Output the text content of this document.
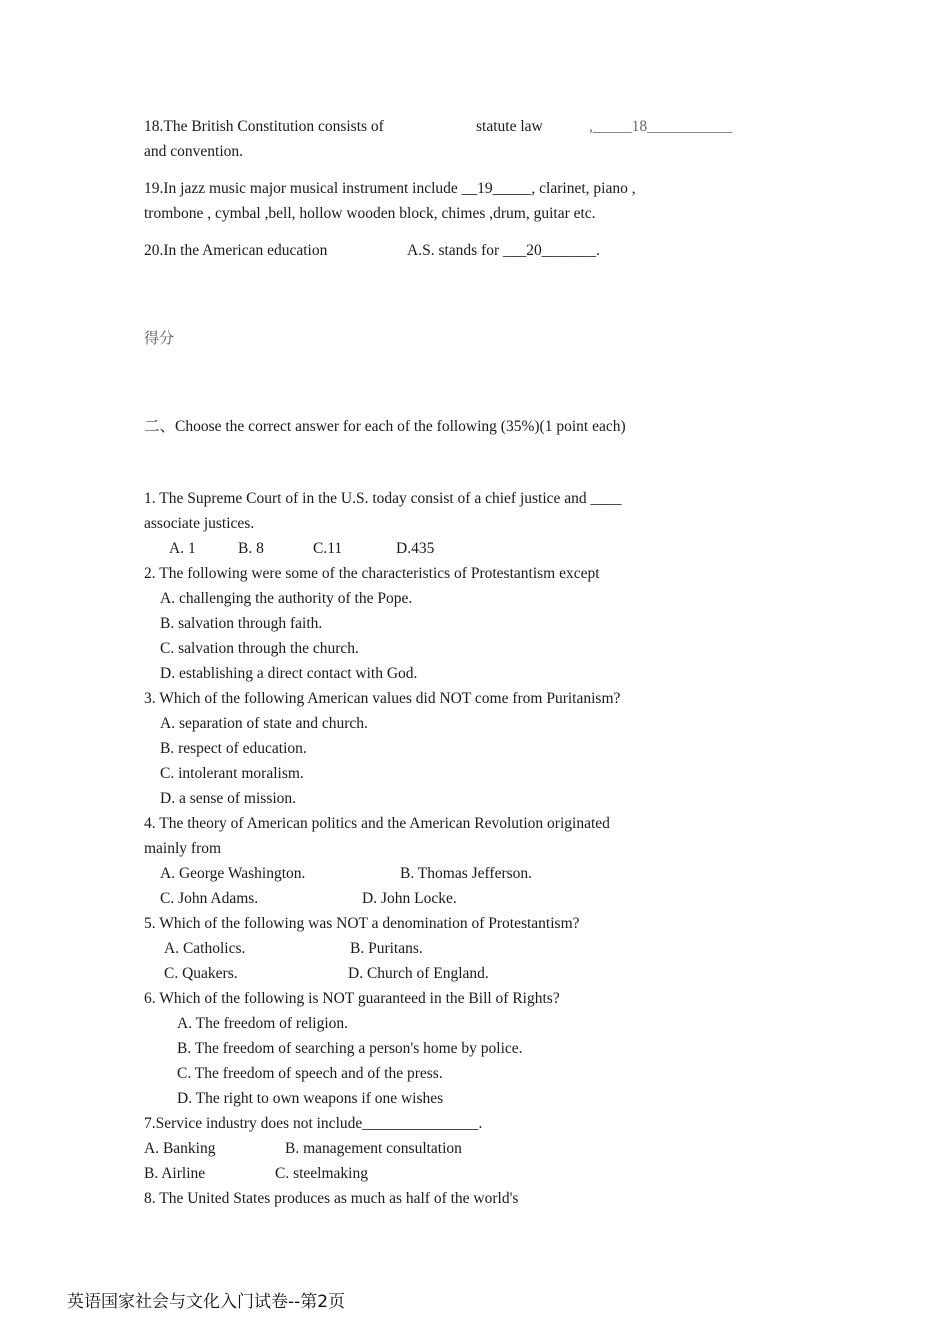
18.The British Constitution consists of	statute law	,_____18___________
and convention.
19.In jazz music major musical instrument include __19_____, clarinet, piano ,
trombone , cymbal ,bell, hollow wooden block, chimes ,drum, guitar etc.
20.In the American education	A.S. stands for ___20_______.
得分
二、Choose the correct answer for each of the following (35%)(1 point each)
1. The Supreme Court of in the U.S. today consist of a chief justice and ____
associate justices.
A. 1	B. 8	C.11	D.435
2. The following were some of the characteristics of Protestantism except
A. challenging the authority of the Pope.
B. salvation through faith.
C. salvation through the church.
D. establishing a direct contact with God.
3. Which of the following American values did NOT come from Puritanism?
A. separation of state and church.
B. respect of education.
C. intolerant moralism.
D. a sense of mission.
4. The theory of American politics and the American Revolution originated
mainly from
A. George Washington.	B. Thomas Jefferson.
C. John Adams.	D. John Locke.
5. Which of the following was NOT a denomination of Protestantism?
A. Catholics.	B. Puritans.
C. Quakers.	D. Church of England.
6. Which of the following is NOT guaranteed in the Bill of Rights?
A. The freedom of religion.
B. The freedom of searching a person's home by police.
C. The freedom of speech and of the press.
D. The right to own weapons if one wishes
7.Service industry does not include_______________.
A. Banking	B. management consultation
B. Airline	C. steelmaking
8. The United States produces as much as half of the world's
英语国家社会与文化入门试卷--第2页
